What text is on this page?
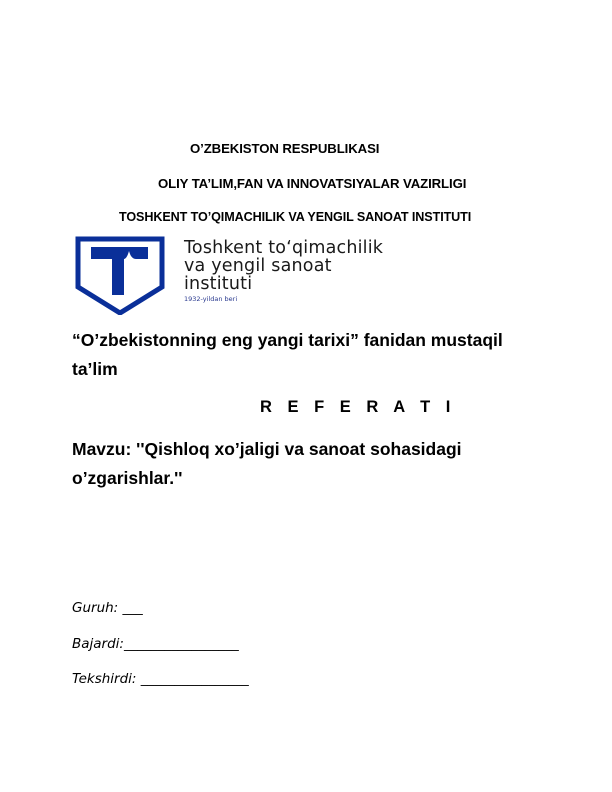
O’ZBEKISTON RESPUBLIKASI
OLIY TA’LIM,FAN VA INNOVATSIYALAR VAZIRLIGI
TOSHKENT TO’QIMACHILIK VA YENGIL SANOAT INSTITUTI
Toshkent to‘qimachilik
va yengil sanoat
instituti
1932-yildan beri
“O’zbekistonning eng yangi tarixi” fanidan mustaqil
ta’lim
R E F E R A T I
Mavzu: ''Qishloq xo’jaligi va sanoat sohasidagi
o’zgarishlar.''
Guruh: ___
Bajardi:_________________
Tekshirdi: ________________
